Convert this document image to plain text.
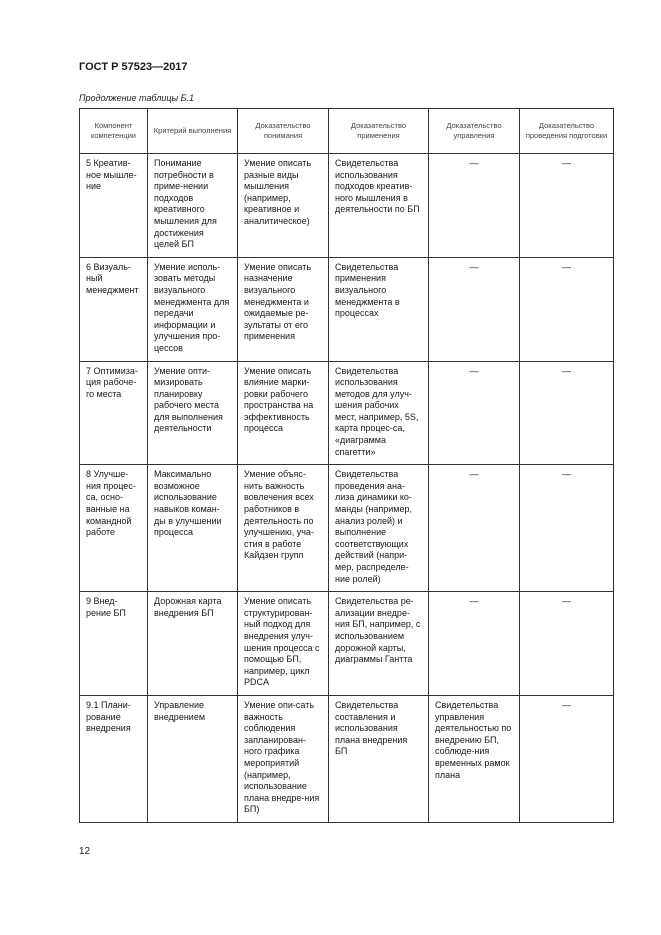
ГОСТ Р 57523—2017
Продолжение таблицы Б.1
Компонент компетенции	Критерий выполнения	Доказательство понимания	Доказательство применения	Доказательство управления	Доказательство проведения подготовки
5 Креатив-ное мышле-ние	Понимание потребности в приме-нении подходов креативного мышления для достижения целей БП	Умение описать разные виды мышления (например, креативное и аналитическое)	Свидетельства использования подходов креатив-ного мышления в деятельности по БП	—	—
6 Визуаль-ный менеджмент	Умение исполь-зовать методы визуального менеджмента для передачи информации и улучшения про-цессов	Умение описать назначение визуального менеджмента и ожидаемые ре-зультаты от его применения	Свидетельства применения визуального менеджмента в процессах	—	—
7 Оптимиза-ция рабоче-го места	Умение опти-мизировать планировку рабочего места для выполнения деятельности	Умение описать влияние марки-ровки рабочего пространства на эффективность процесса	Свидетельства использования методов для улуч-шения рабочих мест, например, 5S, карта процес-са, «диаграмма спагетти»	—	—
8 Улучше-ния процес-са, осно-ванные на командной работе	Максимально возможное использование навыков коман-ды в улучшении процесса	Умение объяс-нить важность вовлечения всех работников в деятельность по улучшению, уча-стия в работе Кайдзен групп	Свидетельства проведения ана-лиза динамики ко-манды (например, анализ ролей) и выполнение соответствующих действий (напри-мер, распределе-ние ролей)	—	—
9 Внед-рение БП	Дорожная карта внедрения БП	Умение описать структурирован-ный подход для внедрения улуч-шения процесса с помощью БП, например, цикл PDCA	Свидетельства ре-ализации внедре-ния БП, например, с использованием дорожной карты, диаграммы Гантта	—	—
9.1 Плани-рование внедрения	Управление внедрением	Умение опи-сать важность соблюдения запланирован-ного графика мероприятий (например, использование плана внедре-ния БП)	Свидетельства составления и использования плана внедрения БП	Свидетельства управления деятельностью по внедрению БП, соблюде-ния временных рамок плана	—
12
